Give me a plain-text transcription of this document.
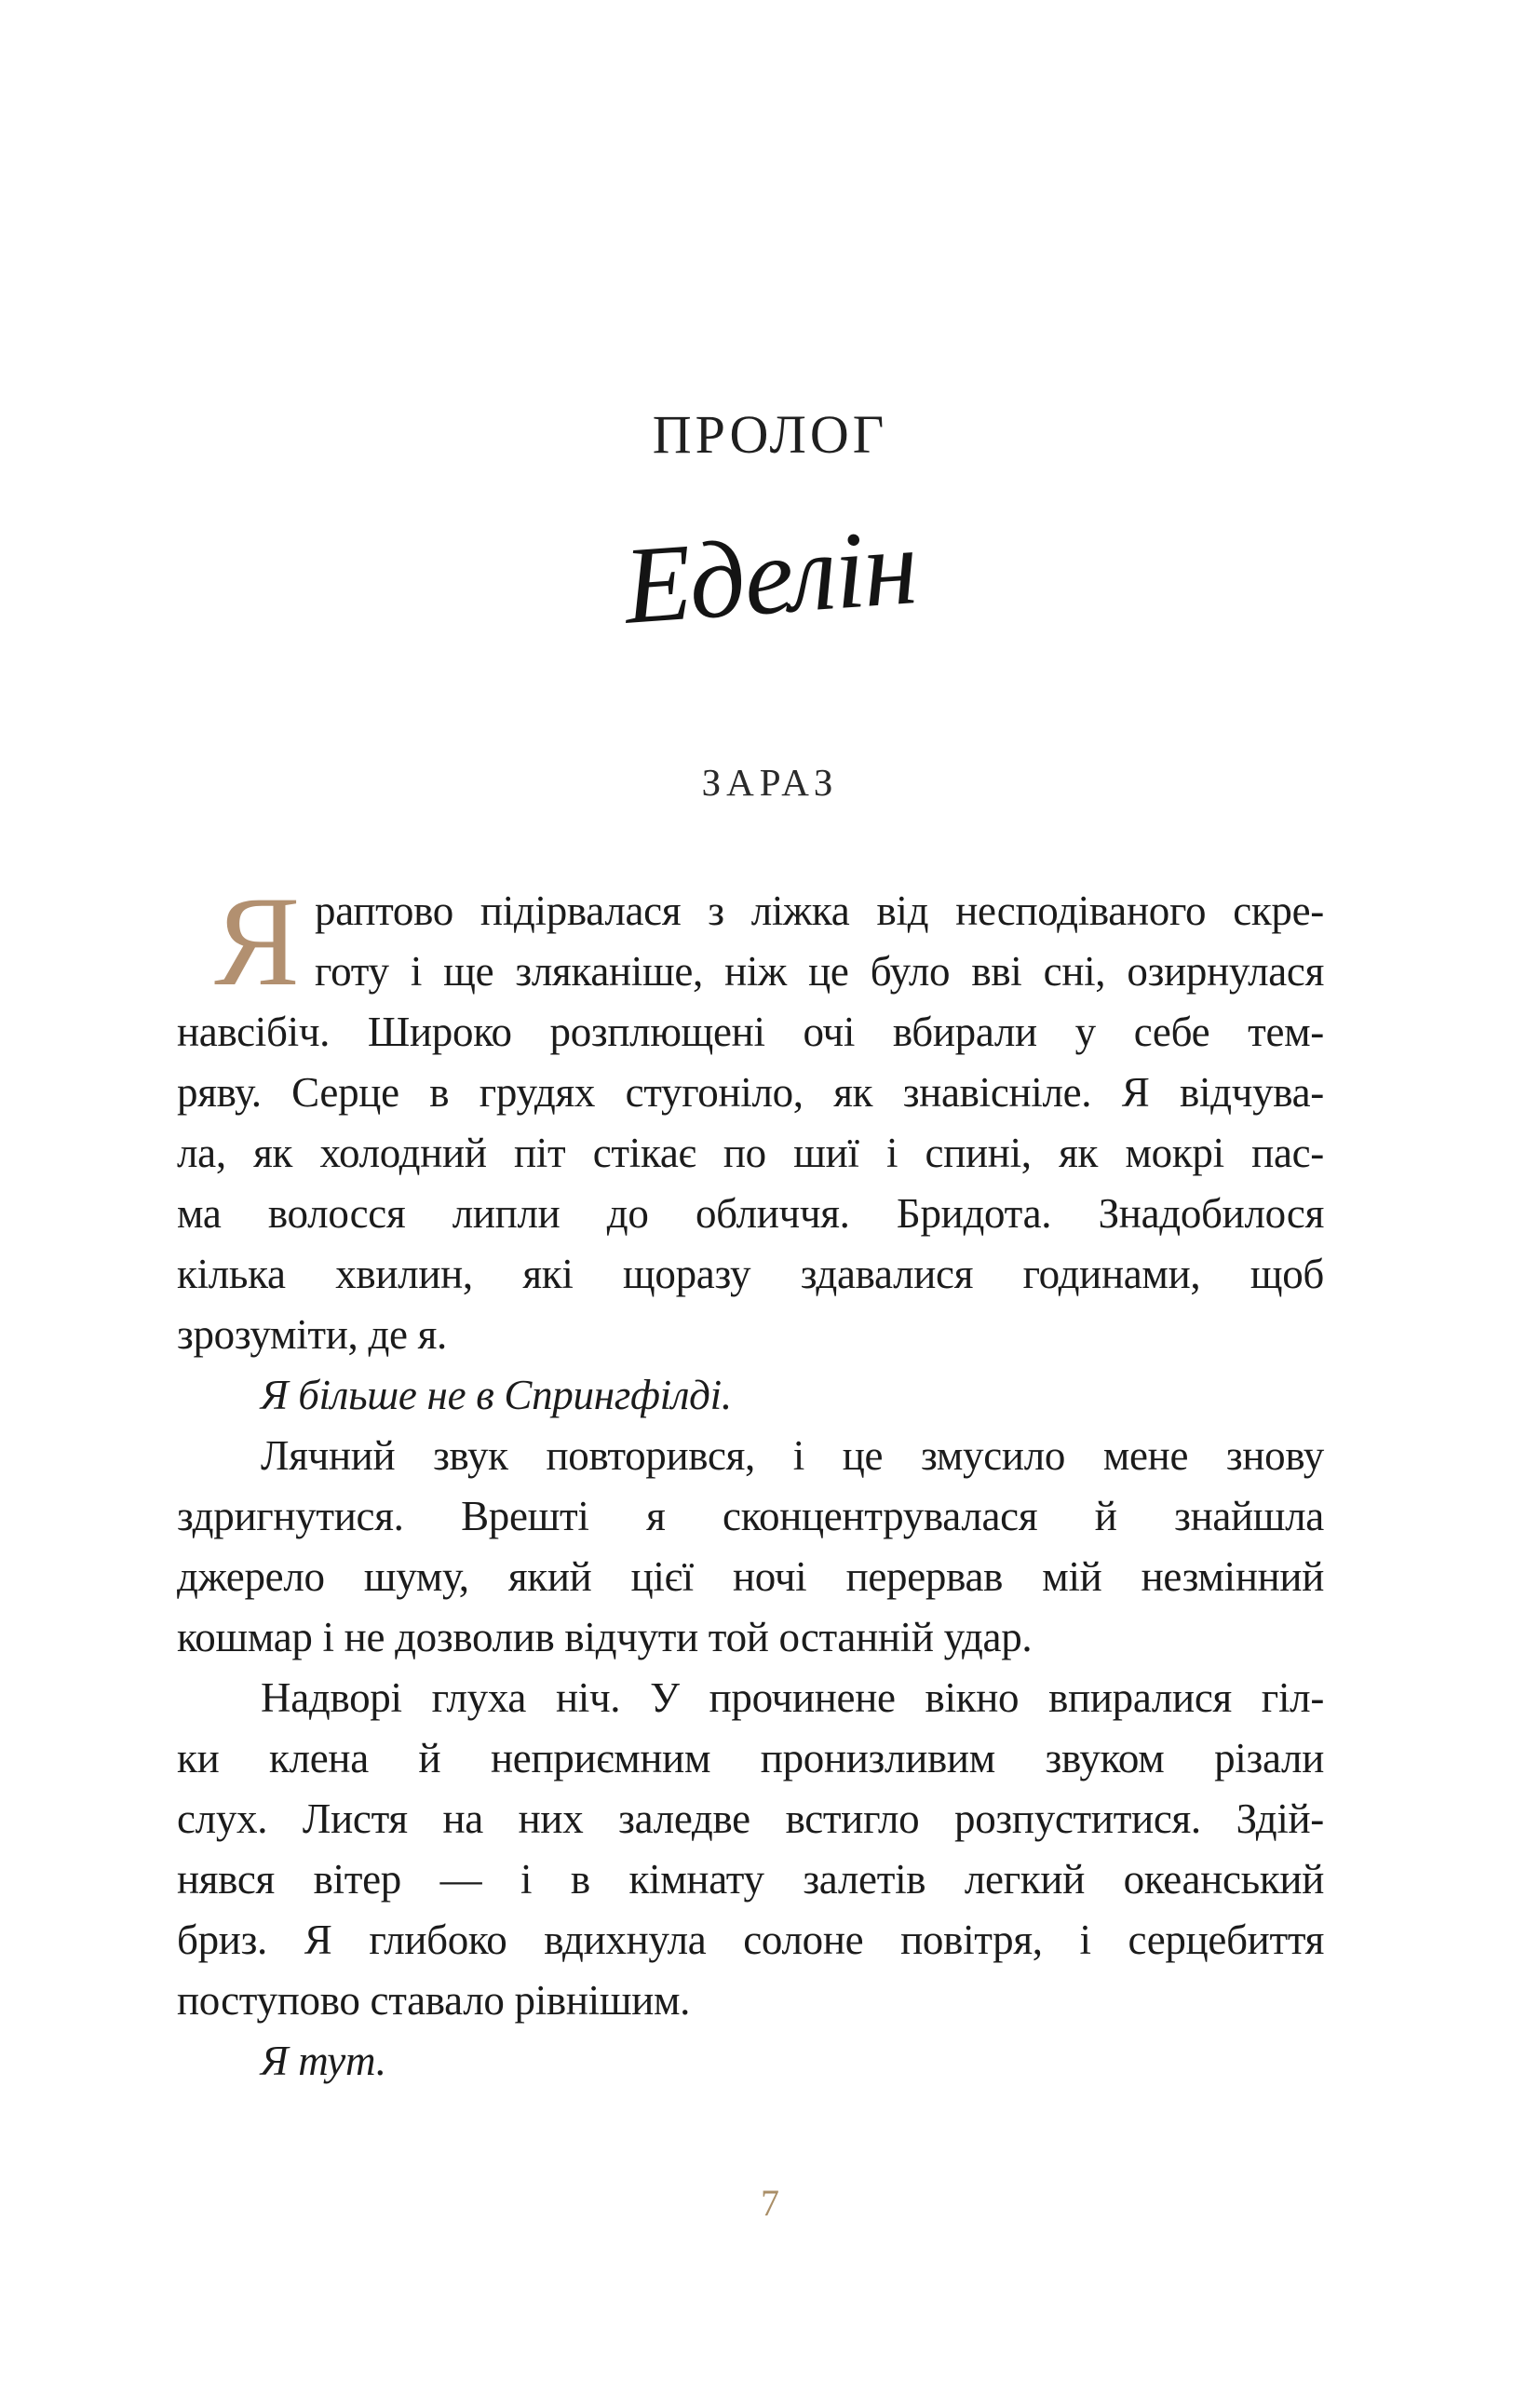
ПРОЛОГ
Еделін
ЗАРАЗ
Я раптово підірвалася з ліжка від несподіваного скре-
готу і ще зляканіше, ніж це було вві сні, озирнулася
навсібіч. Широко розплющені очі вбирали у себе тем-
ряву. Серце в грудях стугоніло, як знавісніле. Я відчува-
ла, як холодний піт стікає по шиї і спині, як мокрі пас-
ма волосся липли до обличчя. Бридота. Знадобилося
кілька хвилин, які щоразу здавалися годинами, щоб
зрозуміти, де я.
Я більше не в Спрингфілді.
Лячний звук повторився, і це змусило мене знову
здригнутися. Врешті я сконцентрувалася й знайшла
джерело шуму, який цієї ночі перервав мій незмінний
кошмар і не дозволив відчути той останній удар.
Надворі глуха ніч. У прочинене вікно впиралися гіл-
ки клена й неприємним пронизливим звуком різали
слух. Листя на них заледве встигло розпуститися. Здій-
нявся вітер — і в кімнату залетів легкий океанський
бриз. Я глибоко вдихнула солоне повітря, і серцебиття
поступово ставало рівнішим.
Я тут.
7
